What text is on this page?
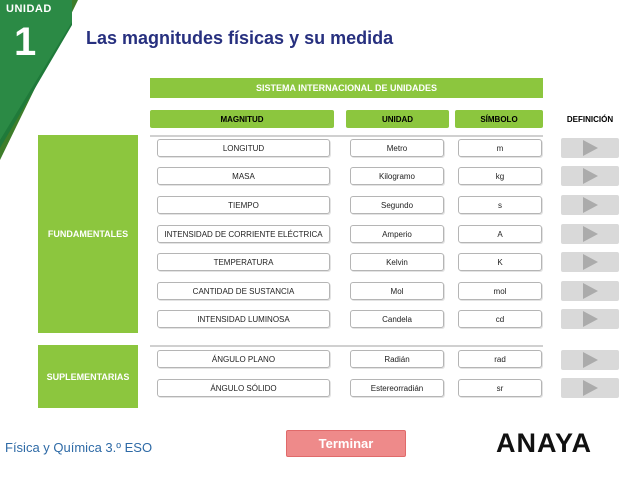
UNIDAD
1	Las magnitudes físicas y su medida
SISTEMA INTERNACIONAL DE UNIDADES
MAGNITUD	UNIDAD	SÍMBOLO	DEFINICIÓN
FUNDAMENTALES
SUPLEMENTARIAS
LONGITUD	Metro	m
MASA	Kilogramo	kg
TIEMPO	Segundo	s
INTENSIDAD DE CORRIENTE ELÉCTRICA	Amperio	A
TEMPERATURA	Kelvin	K
CANTIDAD DE SUSTANCIA	Mol	mol
INTENSIDAD LUMINOSA	Candela	cd
ÁNGULO PLANO	Radián	rad
ÁNGULO SÓLIDO	Estereorradián	sr
Física y Química 3.º ESO	Terminar	ANAYA
